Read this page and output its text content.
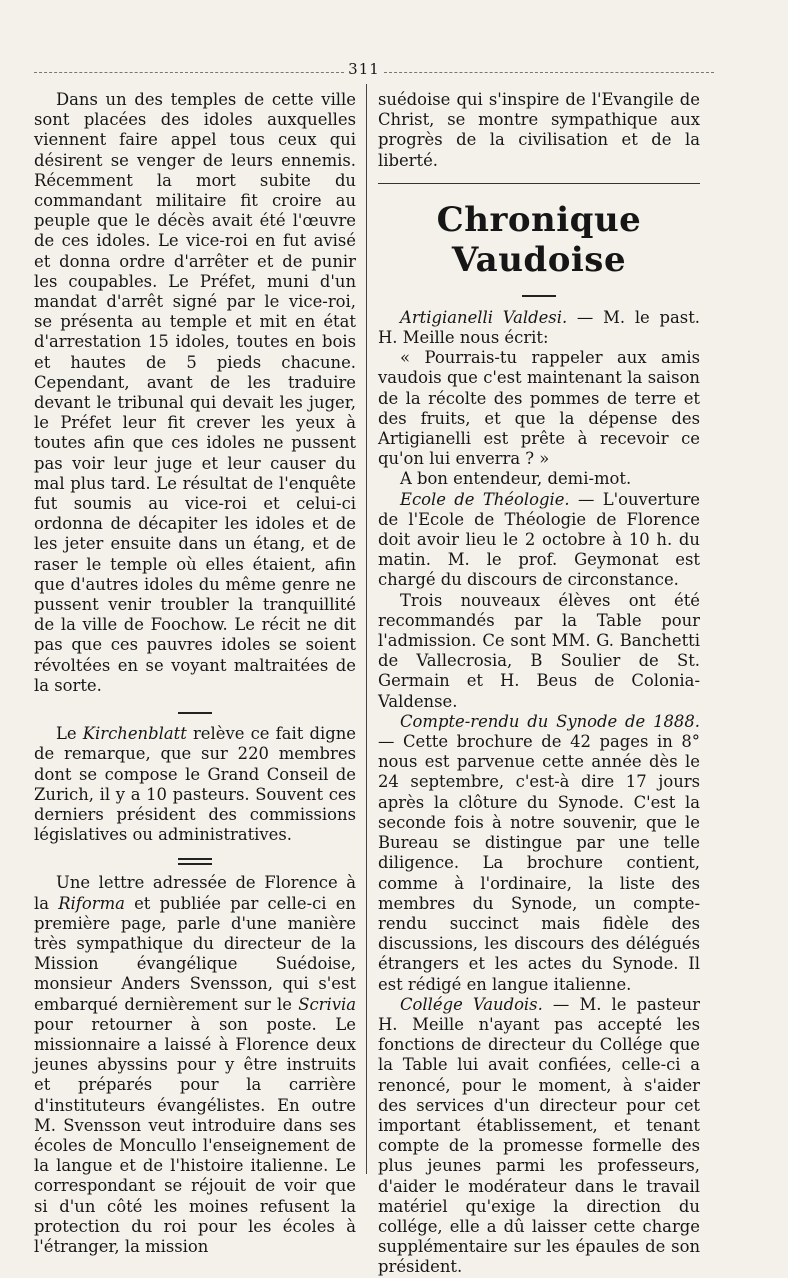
311

Dans un des temples de cette ville sont placées des idoles auxquelles viennent faire appel tous ceux qui désirent se venger de leurs ennemis. Récemment la mort subite du commandant militaire fit croire au peuple que le décès avait été l'œuvre de ces idoles. Le vice-roi en fut avisé et donna ordre d'arrêter et de punir les coupables. Le Préfet, muni d'un mandat d'arrêt signé par le vice-roi, se présenta au temple et mit en état d'arrestation 15 idoles, toutes en bois et hautes de 5 pieds chacune. Cependant, avant de les traduire devant le tribunal qui devait les juger, le Préfet leur fit crever les yeux à toutes afin que ces idoles ne pussent pas voir leur juge et leur causer du mal plus tard. Le résultat de l'enquête fut soumis au vice-roi et celui-ci ordonna de décapiter les idoles et de les jeter ensuite dans un étang, et de raser le temple où elles étaient, afin que d'autres idoles du même genre ne pussent venir troubler la tranquillité de la ville de Foochow. Le récit ne dit pas que ces pauvres idoles se soient révoltées en se voyant maltraitées de la sorte.

Le Kirchenblatt relève ce fait digne de remarque, que sur 220 membres dont se compose le Grand Conseil de Zurich, il y a 10 pasteurs. Souvent ces derniers président des commissions législatives ou administratives.

Une lettre adressée de Florence à la Riforma et publiée par celle-ci en première page, parle d'une manière très sympathique du directeur de la Mission évangélique Suédoise, monsieur Anders Svensson, qui s'est embarqué dernièrement sur le Scrivia pour retourner à son poste. Le missionnaire a laissé à Florence deux jeunes abyssins pour y être instruits et préparés pour la carrière d'instituteurs évangélistes. En outre M. Svensson veut introduire dans ses écoles de Moncullo l'enseignement de la langue et de l'histoire italienne. Le correspondant se réjouit de voir que si d'un côté les moines refusent la protection du roi pour les écoles à l'étranger, la mission

suédoise qui s'inspire de l'Evangile de Christ, se montre sympathique aux progrès de la civilisation et de la liberté.

Chronique Vaudoise

Artigianelli Valdesi. — M. le past. H. Meille nous écrit:

« Pourrais-tu rappeler aux amis vaudois que c'est maintenant la saison de la récolte des pommes de terre et des fruits, et que la dépense des Artigianelli est prête à recevoir ce qu'on lui enverra ? »

A bon entendeur, demi-mot.

Ecole de Théologie. — L'ouverture de l'Ecole de Théologie de Florence doit avoir lieu le 2 octobre à 10 h. du matin. M. le prof. Geymonat est chargé du discours de circonstance.

Trois nouveaux élèves ont été recommandés par la Table pour l'admission. Ce sont MM. G. Banchetti de Vallecrosia, B Soulier de St. Germain et H. Beus de Colonia-Valdense.

Compte-rendu du Synode de 1888. — Cette brochure de 42 pages in 8° nous est parvenue cette année dès le 24 septembre, c'est-à dire 17 jours après la clôture du Synode. C'est la seconde fois à notre souvenir, que le Bureau se distingue par une telle diligence. La brochure contient, comme à l'ordinaire, la liste des membres du Synode, un compte-rendu succinct mais fidèle des discussions, les discours des délégués étrangers et les actes du Synode. Il est rédigé en langue italienne.

Collége Vaudois. — M. le pasteur H. Meille n'ayant pas accepté les fonctions de directeur du Collége que la Table lui avait confiées, celle-ci a renoncé, pour le moment, à s'aider des services d'un directeur pour cet important établissement, et tenant compte de la promesse formelle des plus jeunes parmi les professeurs, d'aider le modérateur dans le travail matériel qu'exige la direction du collége, elle a dû laisser cette charge supplémentaire sur les épaules de son président.
